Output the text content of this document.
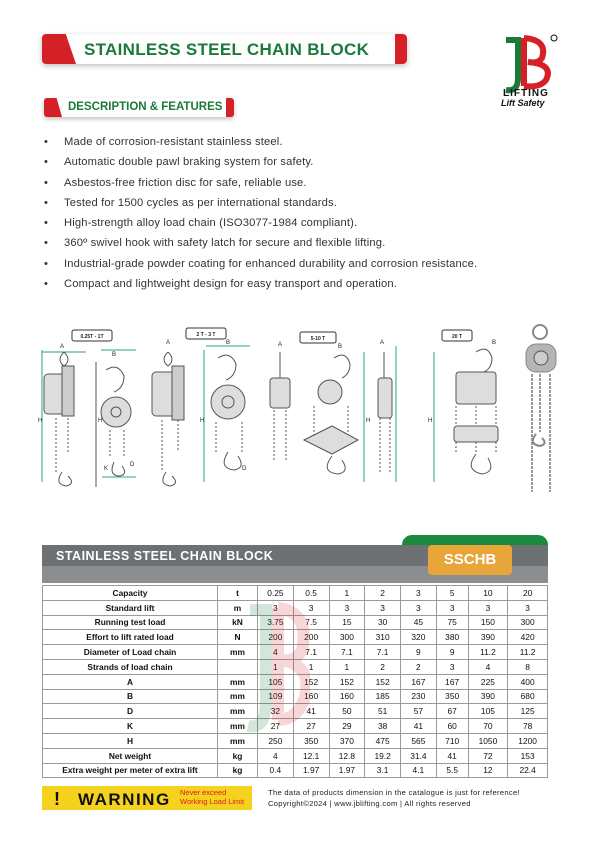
STAINLESS STEEL CHAIN BLOCK
LIFTING
Lift Safety
DESCRIPTION & FEATURES
• Made of corrosion-resistant stainless steel.
• Automatic double pawl braking system for safety.
• Asbestos-free friction disc for safe, reliable use.
• Tested for 1500 cycles as per international standards.
• High-strength alloy load chain (ISO3077-1984 compliant).
• 360º swivel hook with safety latch for secure and flexible lifting.
• Industrial-grade powder coating for enhanced durability and corrosion resistance.
• Compact and lightweight design for easy transport and operation.
0.25T - 1T	2 T - 3 T
5-10 T	20 T
A
B
H	H
D
K
A	B
H
D
A	B
H
A	B
H
STAINLESS STEEL CHAIN BLOCK	SSCHB
Capacity	t	0.25	0.5	1	2	3	5	10	20
Standard lift	m	3	3	3	3	3	3	3	3
Running test load	kN	3.75	7.5	15	30	45	75	150	300
Effort to lift rated load	N	200	200	300	310	320	380	390	420
Diameter of Load chain	mm	4	7.1	7.1	7.1	9	9	11.2	11.2
Strands of load chain		1	1	1	2	2	3	4	8
A	mm	105	152	152	152	167	167	225	400
B	mm	109	160	160	185	230	350	390	680
D	mm	32	41	50	51	57	67	105	125
K	mm	27	27	29	38	41	60	70	78
H	mm	250	350	370	475	565	710	1050	1200
Net weight	kg	4	12.1	12.8	19.2	31.4	41	72	153
Extra weight per meter of extra lift	kg	0.4	1.97	1.97	3.1	4.1	5.5	12	22.4
! WARNING Never exceed Working Load Limit
The data of products dimension in the catalogue is just for reference!
Copyright©2024 | www.jblifting.com | All rights reserved
